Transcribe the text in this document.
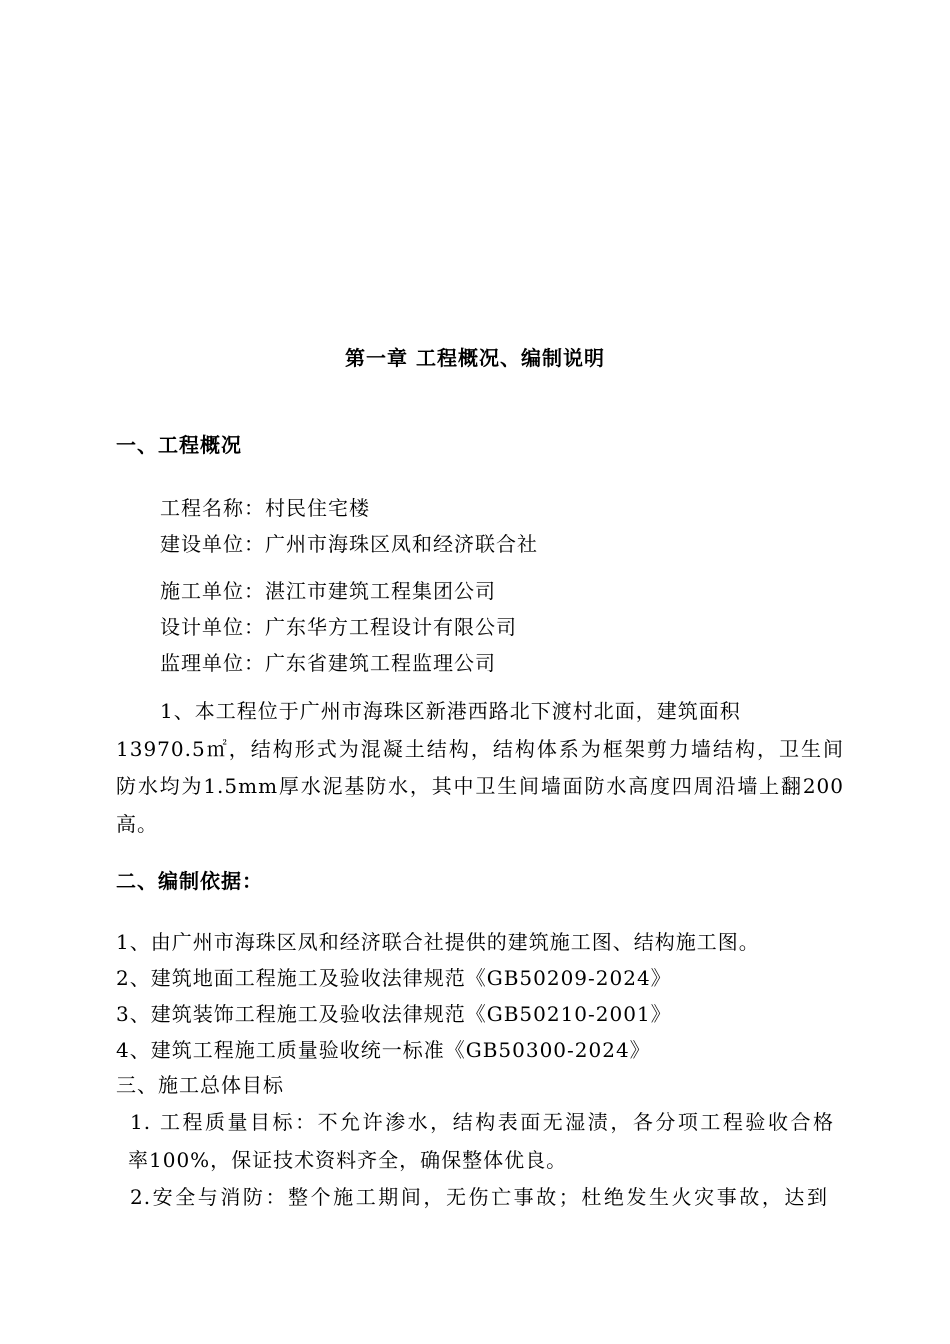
第一章 工程概况、编制说明
一、工程概况
工程名称：村民住宅楼
建设单位：广州市海珠区凤和经济联合社
施工单位：湛江市建筑工程集团公司
设计单位：广东华方工程设计有限公司
监理单位：广东省建筑工程监理公司
1、本工程位于广州市海珠区新港西路北下渡村北面，建筑面积
13970.5㎡，结构形式为混凝土结构，结构体系为框架剪力墙结构，卫生间
防水均为1.5mm厚水泥基防水，其中卫生间墙面防水高度四周沿墙上翻200
高。
二、编制依据：
1、由广州市海珠区凤和经济联合社提供的建筑施工图、结构施工图。
2、建筑地面工程施工及验收法律规范《GB50209-2024》
3、建筑装饰工程施工及验收法律规范《GB50210-2001》
4、建筑工程施工质量验收统一标准《GB50300-2024》
三、施工总体目标
1. 工程质量目标：不允许渗水，结构表面无湿渍，各分项工程验收合格
率100%，保证技术资料齐全，确保整体优良。
2.安全与消防：整个施工期间，无伤亡事故；杜绝发生火灾事故，达到
